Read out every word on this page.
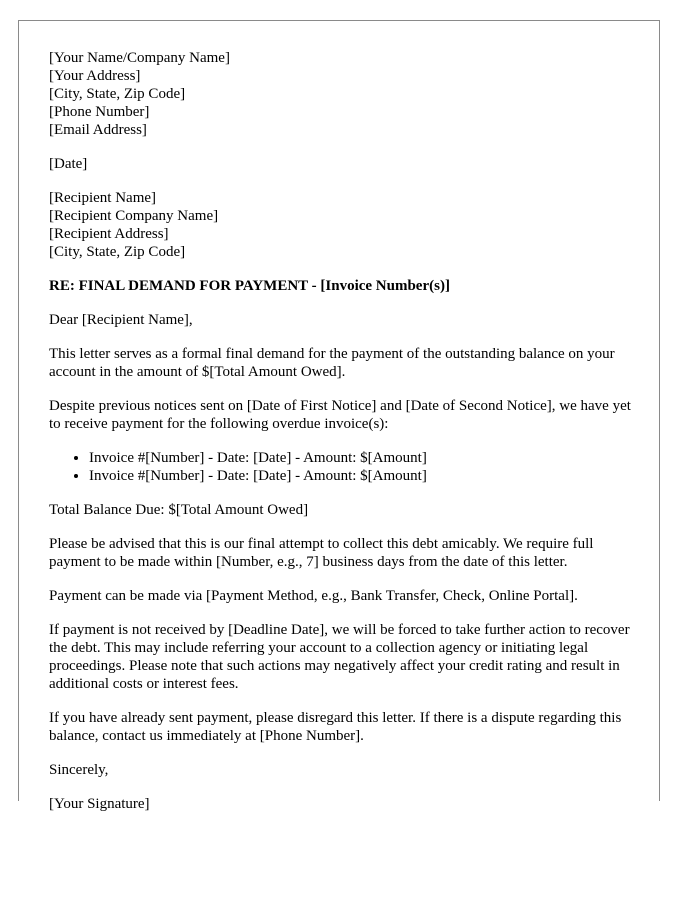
[Your Name/Company Name]
[Your Address]
[City, State, Zip Code]
[Phone Number]
[Email Address]
[Date]
[Recipient Name]
[Recipient Company Name]
[Recipient Address]
[City, State, Zip Code]

RE: FINAL DEMAND FOR PAYMENT - [Invoice Number(s)]

Dear [Recipient Name],

This letter serves as a formal final demand for the payment of the outstanding balance on your account in the amount of $[Total Amount Owed].

Despite previous notices sent on [Date of First Notice] and [Date of Second Notice], we have yet to receive payment for the following overdue invoice(s):

• Invoice #[Number] - Date: [Date] - Amount: $[Amount]
• Invoice #[Number] - Date: [Date] - Amount: $[Amount]

Total Balance Due: $[Total Amount Owed]

Please be advised that this is our final attempt to collect this debt amicably. We require full payment to be made within [Number, e.g., 7] business days from the date of this letter.

Payment can be made via [Payment Method, e.g., Bank Transfer, Check, Online Portal].

If payment is not received by [Deadline Date], we will be forced to take further action to recover the debt. This may include referring your account to a collection agency or initiating legal proceedings. Please note that such actions may negatively affect your credit rating and result in additional costs or interest fees.

If you have already sent payment, please disregard this letter. If there is a dispute regarding this balance, contact us immediately at [Phone Number].

Sincerely,

[Your Signature]
